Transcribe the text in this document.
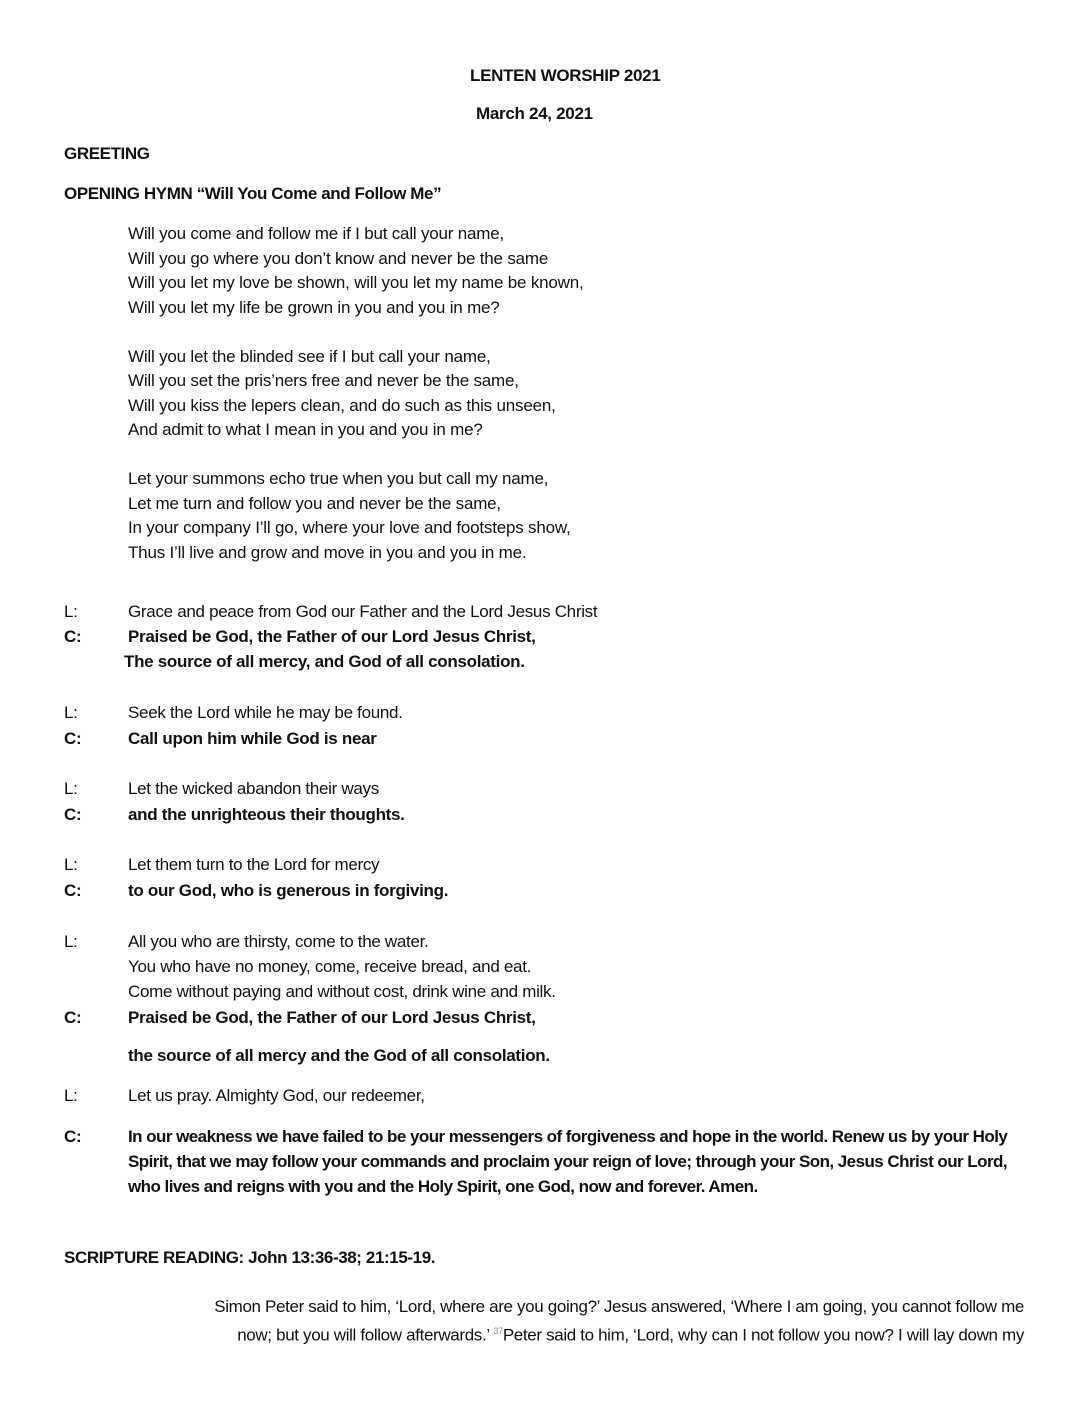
LENTEN WORSHIP 2021
March 24, 2021
GREETING
OPENING HYMN “Will You Come and Follow Me”
Will you come and follow me if I but call your name,
Will you go where you don’t know and never be the same
Will you let my love be shown, will you let my name be known,
Will you let my life be grown in you and you in me?
Will you let the blinded see if I but call your name,
Will you set the pris’ners free and never be the same,
Will you kiss the lepers clean, and do such as this unseen,
And admit to what I mean in you and you in me?
Let your summons echo true when you but call my name,
Let me turn and follow you and never be the same,
In your company I’ll go, where your love and footsteps show,
Thus I’ll live and grow and move in you and you in me.
L:	Grace and peace from God our Father and the Lord Jesus Christ
C:	Praised be God, the Father of our Lord Jesus Christ,
The source of all mercy, and God of all consolation.
L:	Seek the Lord while he may be found.
C:	Call upon him while God is near
L:	Let the wicked abandon their ways
C:	and the unrighteous their thoughts.
L:	Let them turn to the Lord for mercy
C:	to our God, who is generous in forgiving.
L:	All you who are thirsty, come to the water.
You who have no money, come, receive bread, and eat.
Come without paying and without cost, drink wine and milk.
C:	Praised be God, the Father of our Lord Jesus Christ,
the source of all mercy and the God of all consolation.
L:	Let us pray. Almighty God, our redeemer,
C:	In our weakness we have failed to be your messengers of forgiveness and hope in the world. Renew us by your Holy Spirit, that we may follow your commands and proclaim your reign of love; through your Son, Jesus Christ our Lord, who lives and reigns with you and the Holy Spirit, one God, now and forever. Amen.
SCRIPTURE READING: John 13:36-38; 21:15-19.
Simon Peter said to him, ‘Lord, where are you going?’ Jesus answered, ‘Where I am going, you cannot follow me
now; but you will follow afterwards.’ $^{37}$Peter said to him, ‘Lord, why can I not follow you now? I will lay down my
